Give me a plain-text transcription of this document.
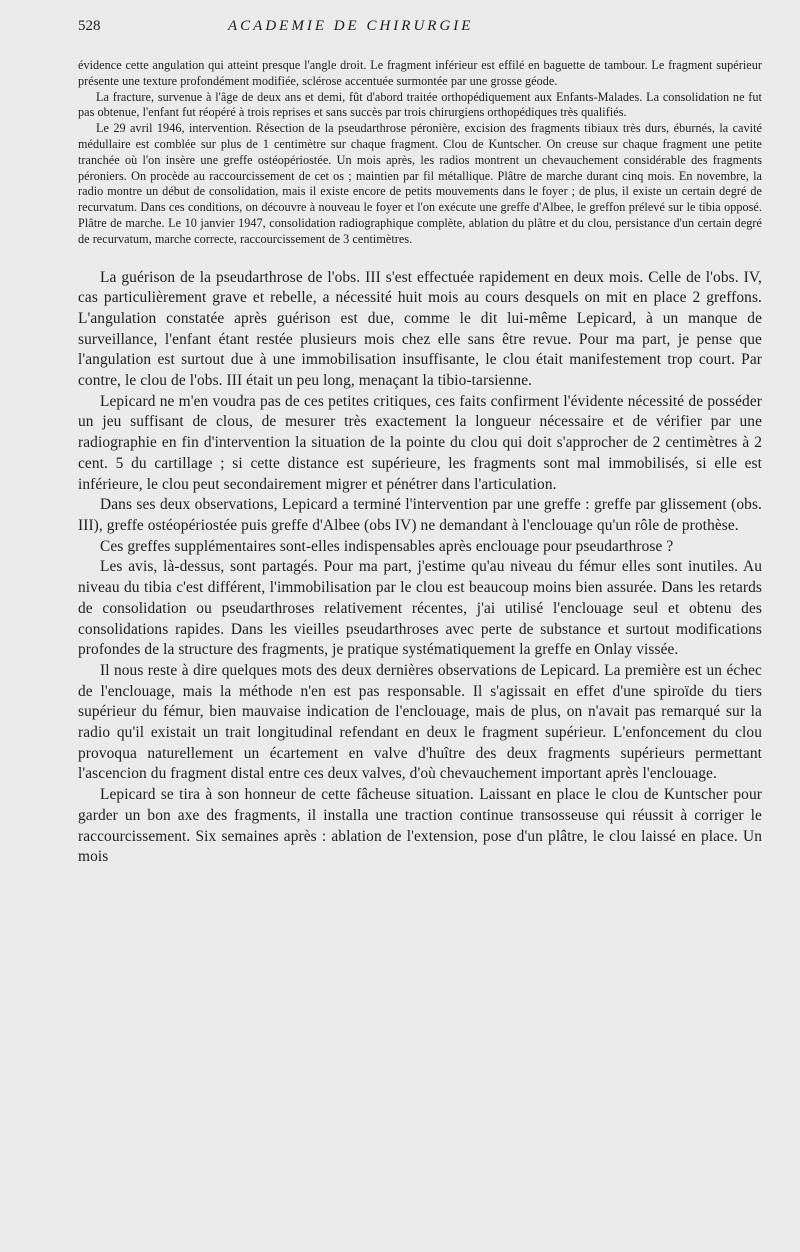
528	ACADEMIE DE CHIRURGIE

évidence cette angulation qui atteint presque l'angle droit. Le fragment inférieur est effilé en baguette de tambour. Le fragment supérieur présente une texture profondément modifiée, sclérose accentuée surmontée par une grosse géode.

La fracture, survenue à l'âge de deux ans et demi, fût d'abord traitée orthopédiquement aux Enfants-Malades. La consolidation ne fut pas obtenue, l'enfant fut réopéré à trois reprises et sans succès par trois chirurgiens orthopédiques très qualifiés.

Le 29 avril 1946, intervention. Résection de la pseudarthrose péronière, excision des fragments tibiaux très durs, éburnés, la cavité médullaire est comblée sur plus de 1 centimètre sur chaque fragment. Clou de Kuntscher. On creuse sur chaque fragment une petite tranchée où l'on insère une greffe ostéopériostée. Un mois après, les radios montrent un chevauchement considérable des fragments péroniers. On procède au raccourcissement de cet os ; maintien par fil métallique. Plâtre de marche durant cinq mois. En novembre, la radio montre un début de consolidation, mais il existe encore de petits mouvements dans le foyer ; de plus, il existe un certain degré de recurvatum. Dans ces conditions, on découvre à nouveau le foyer et l'on exécute une greffe d'Albee, le greffon prélevé sur le tibia opposé. Plâtre de marche. Le 10 janvier 1947, consolidation radiographique complète, ablation du plâtre et du clou, persistance d'un certain degré de recurvatum, marche correcte, raccourcissement de 3 centimètres.

La guérison de la pseudarthrose de l'obs. III s'est effectuée rapidement en deux mois. Celle de l'obs. IV, cas particulièrement grave et rebelle, a nécessité huit mois au cours desquels on mit en place 2 greffons. L'angulation constatée après guérison est due, comme le dit lui-même Lepicard, à un manque de surveillance, l'enfant étant restée plusieurs mois chez elle sans être revue. Pour ma part, je pense que l'angulation est surtout due à une immobilisation insuffisante, le clou était manifestement trop court. Par contre, le clou de l'obs. III était un peu long, menaçant la tibio-tarsienne.

Lepicard ne m'en voudra pas de ces petites critiques, ces faits confirment l'évidente nécessité de posséder un jeu suffisant de clous, de mesurer très exactement la longueur nécessaire et de vérifier par une radiographie en fin d'intervention la situation de la pointe du clou qui doit s'approcher de 2 centimètres à 2 cent. 5 du cartillage ; si cette distance est supérieure, les fragments sont mal immobilisés, si elle est inférieure, le clou peut secondairement migrer et pénétrer dans l'articulation.

Dans ses deux observations, Lepicard a terminé l'intervention par une greffe : greffe par glissement (obs. III), greffe ostéopériostée puis greffe d'Albee (obs IV) ne demandant à l'enclouage qu'un rôle de prothèse.

Ces greffes supplémentaires sont-elles indispensables après enclouage pour pseudarthrose ?

Les avis, là-dessus, sont partagés. Pour ma part, j'estime qu'au niveau du fémur elles sont inutiles. Au niveau du tibia c'est différent, l'immobilisation par le clou est beaucoup moins bien assurée. Dans les retards de consolidation ou pseudarthroses relativement récentes, j'ai utilisé l'enclouage seul et obtenu des consolidations rapides. Dans les vieilles pseudarthroses avec perte de substance et surtout modifications profondes de la structure des fragments, je pratique systématiquement la greffe en Onlay vissée.

Il nous reste à dire quelques mots des deux dernières observations de Lepicard. La première est un échec de l'enclouage, mais la méthode n'en est pas responsable. Il s'agissait en effet d'une spiroïde du tiers supérieur du fémur, bien mauvaise indication de l'enclouage, mais de plus, on n'avait pas remarqué sur la radio qu'il existait un trait longitudinal refendant en deux le fragment supérieur. L'enfoncement du clou provoqua naturellement un écartement en valve d'huître des deux fragments supérieurs permettant l'ascencion du fragment distal entre ces deux valves, d'où chevauchement important après l'enclouage.

Lepicard se tira à son honneur de cette fâcheuse situation. Laissant en place le clou de Kuntscher pour garder un bon axe des fragments, il installa une traction continue transosseuse qui réussit à corriger le raccourcissement. Six semaines après : ablation de l'extension, pose d'un plâtre, le clou laissé en place. Un mois
